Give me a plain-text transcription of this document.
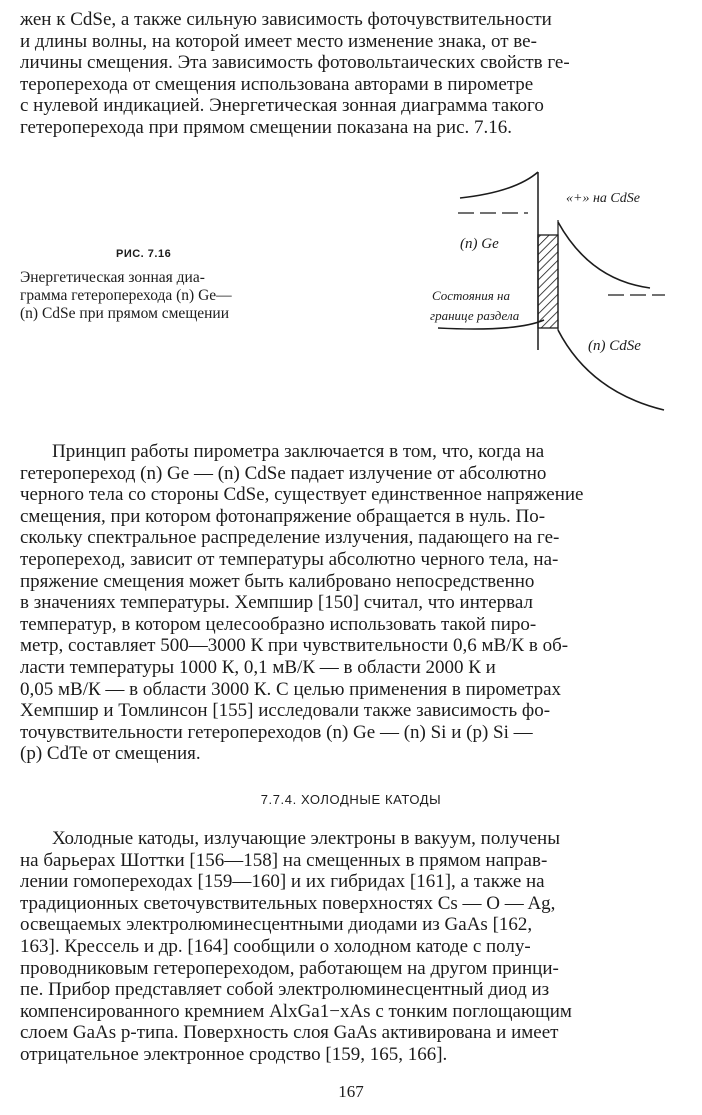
жен к CdSe, а также сильную зависимость фоточувствительности
и длины волны, на которой имеет место изменение знака, от ве-
личины смещения. Эта зависимость фотовольтаических свойств ге-
теропереходa от смещения использована авторами в пирометре
с нулевой индикацией. Энергетическая зонная диаграмма такого
гетероперехода при прямом смещении показана на рис. 7.16.
РИС. 7.16
Энергетическая зонная диа-
грамма гетероперехода (n) Ge—
(n) CdSe при прямом смещении
«+» на CdSe
(n) Ge
(n) CdSe
Состояния на
границе раздела
Принцип работы пирометра заключается в том, что, когда на
гетеропереход (n) Ge — (n) CdSe падает излучение от абсолютно
черного тела со стороны CdSe, существует единственное напряжение
смещения, при котором фотонапряжение обращается в нуль. По-
скольку спектральное распределение излучения, падающего на ге-
тeроперехoд, зависит от температуры абсолютно черного тела, на-
пряжение смещения может быть калибровано непосредственно
в значениях температуры. Хемпшир [150] считал, что интервал
температур, в котором целесообразно использовать такой пиро-
метр, составляет 500—3000 К при чувствительности 0,6 мВ/К в об-
ласти температуры 1000 К, 0,1 мВ/К — в области 2000 К и
0,05 мВ/К — в области 3000 К. С целью применения в пирометрах
Хемпшир и Томлинсон [155] исследовали также зависимость фо-
точувствительности гетеропереходов (n) Ge — (n) Si и (p) Si —
(p) CdTe от смещения.
7.7.4. ХОЛОДНЫЕ КАТОДЫ
Холодные катоды, излучающие электроны в вакуум, получены
на барьерах Шоттки [156—158] на смещенных в прямом направ-
лении гомопереходах [159—160] и их гибридах [161], а также на
традиционных светочувствительных поверхностях Cs — O — Ag,
освещаемых электролюминесцентными диодами из GaAs [162,
163]. Крессель и др. [164] сообщили о холодном катоде с полу-
проводниковым гетеропереходом, работающем на другом принци-
пе. Прибор представляет собой электролюминесцентный диод из
компенсированного кремнием AlxGa1−xAs с тонким поглощающим
слоем GaAs p-типа. Поверхность слоя GaAs активирована и имеет
отрицательное электронное сродство [159, 165, 166].
167
